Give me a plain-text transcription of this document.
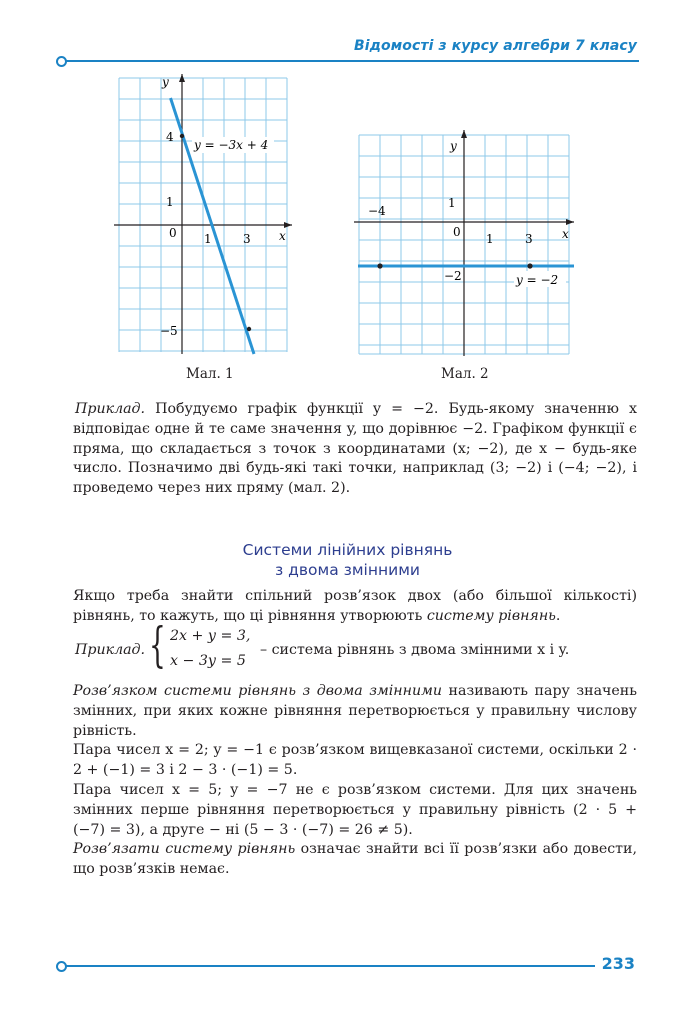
Відомості з курсу алгебри 7 класу
y
x
4
1
0 1	3
−5
y = −3x + 4
Мал. 1
y
x
1
0 1	3
−4
−2	y = −2
Мал. 2

Приклад. Побудуємо графік функції y = −2. Будь-якому значенню x відповідає одне й те саме значення y, що дорівнює −2. Графіком функції є пряма, що складається з точок з координатами (x; −2), де x − будь-яке число. Позначимо дві будь-які такі точки, наприклад (3; −2) і (−4; −2), і проведемо через них пряму (мал. 2).

Системи лінійних рівнянь
з двома змінними

Якщо треба знайти спільний розв’язок двох (або більшої кількості) рівнянь, то кажуть, що ці рівняння утворюють систему рівнянь.

Приклад. { 2x + y = 3,
x − 3y = 5
– система рівнянь з двома змінними x і y.

Розв’язком системи рівнянь з двома змінними називають пару значень змінних, при яких кожне рівняння перетворюється у правильну числову рівність.

Пара чисел x = 2; y = −1 є розв’язком вищевказаної системи, оскільки 2 · 2 + (−1) = 3 і 2 − 3 · (−1) = 5.

Пара чисел x = 5; y = −7 не є розв’язком системи. Для цих значень змінних перше рівняння перетворюється у правильну рівність (2 · 5 + (−7) = 3), а друге − ні (5 − 3 · (−7) = 26 ≠ 5).

Розв’язати систему рівнянь означає знайти всі її розв’язки або довести, що розв’язків немає.

233
